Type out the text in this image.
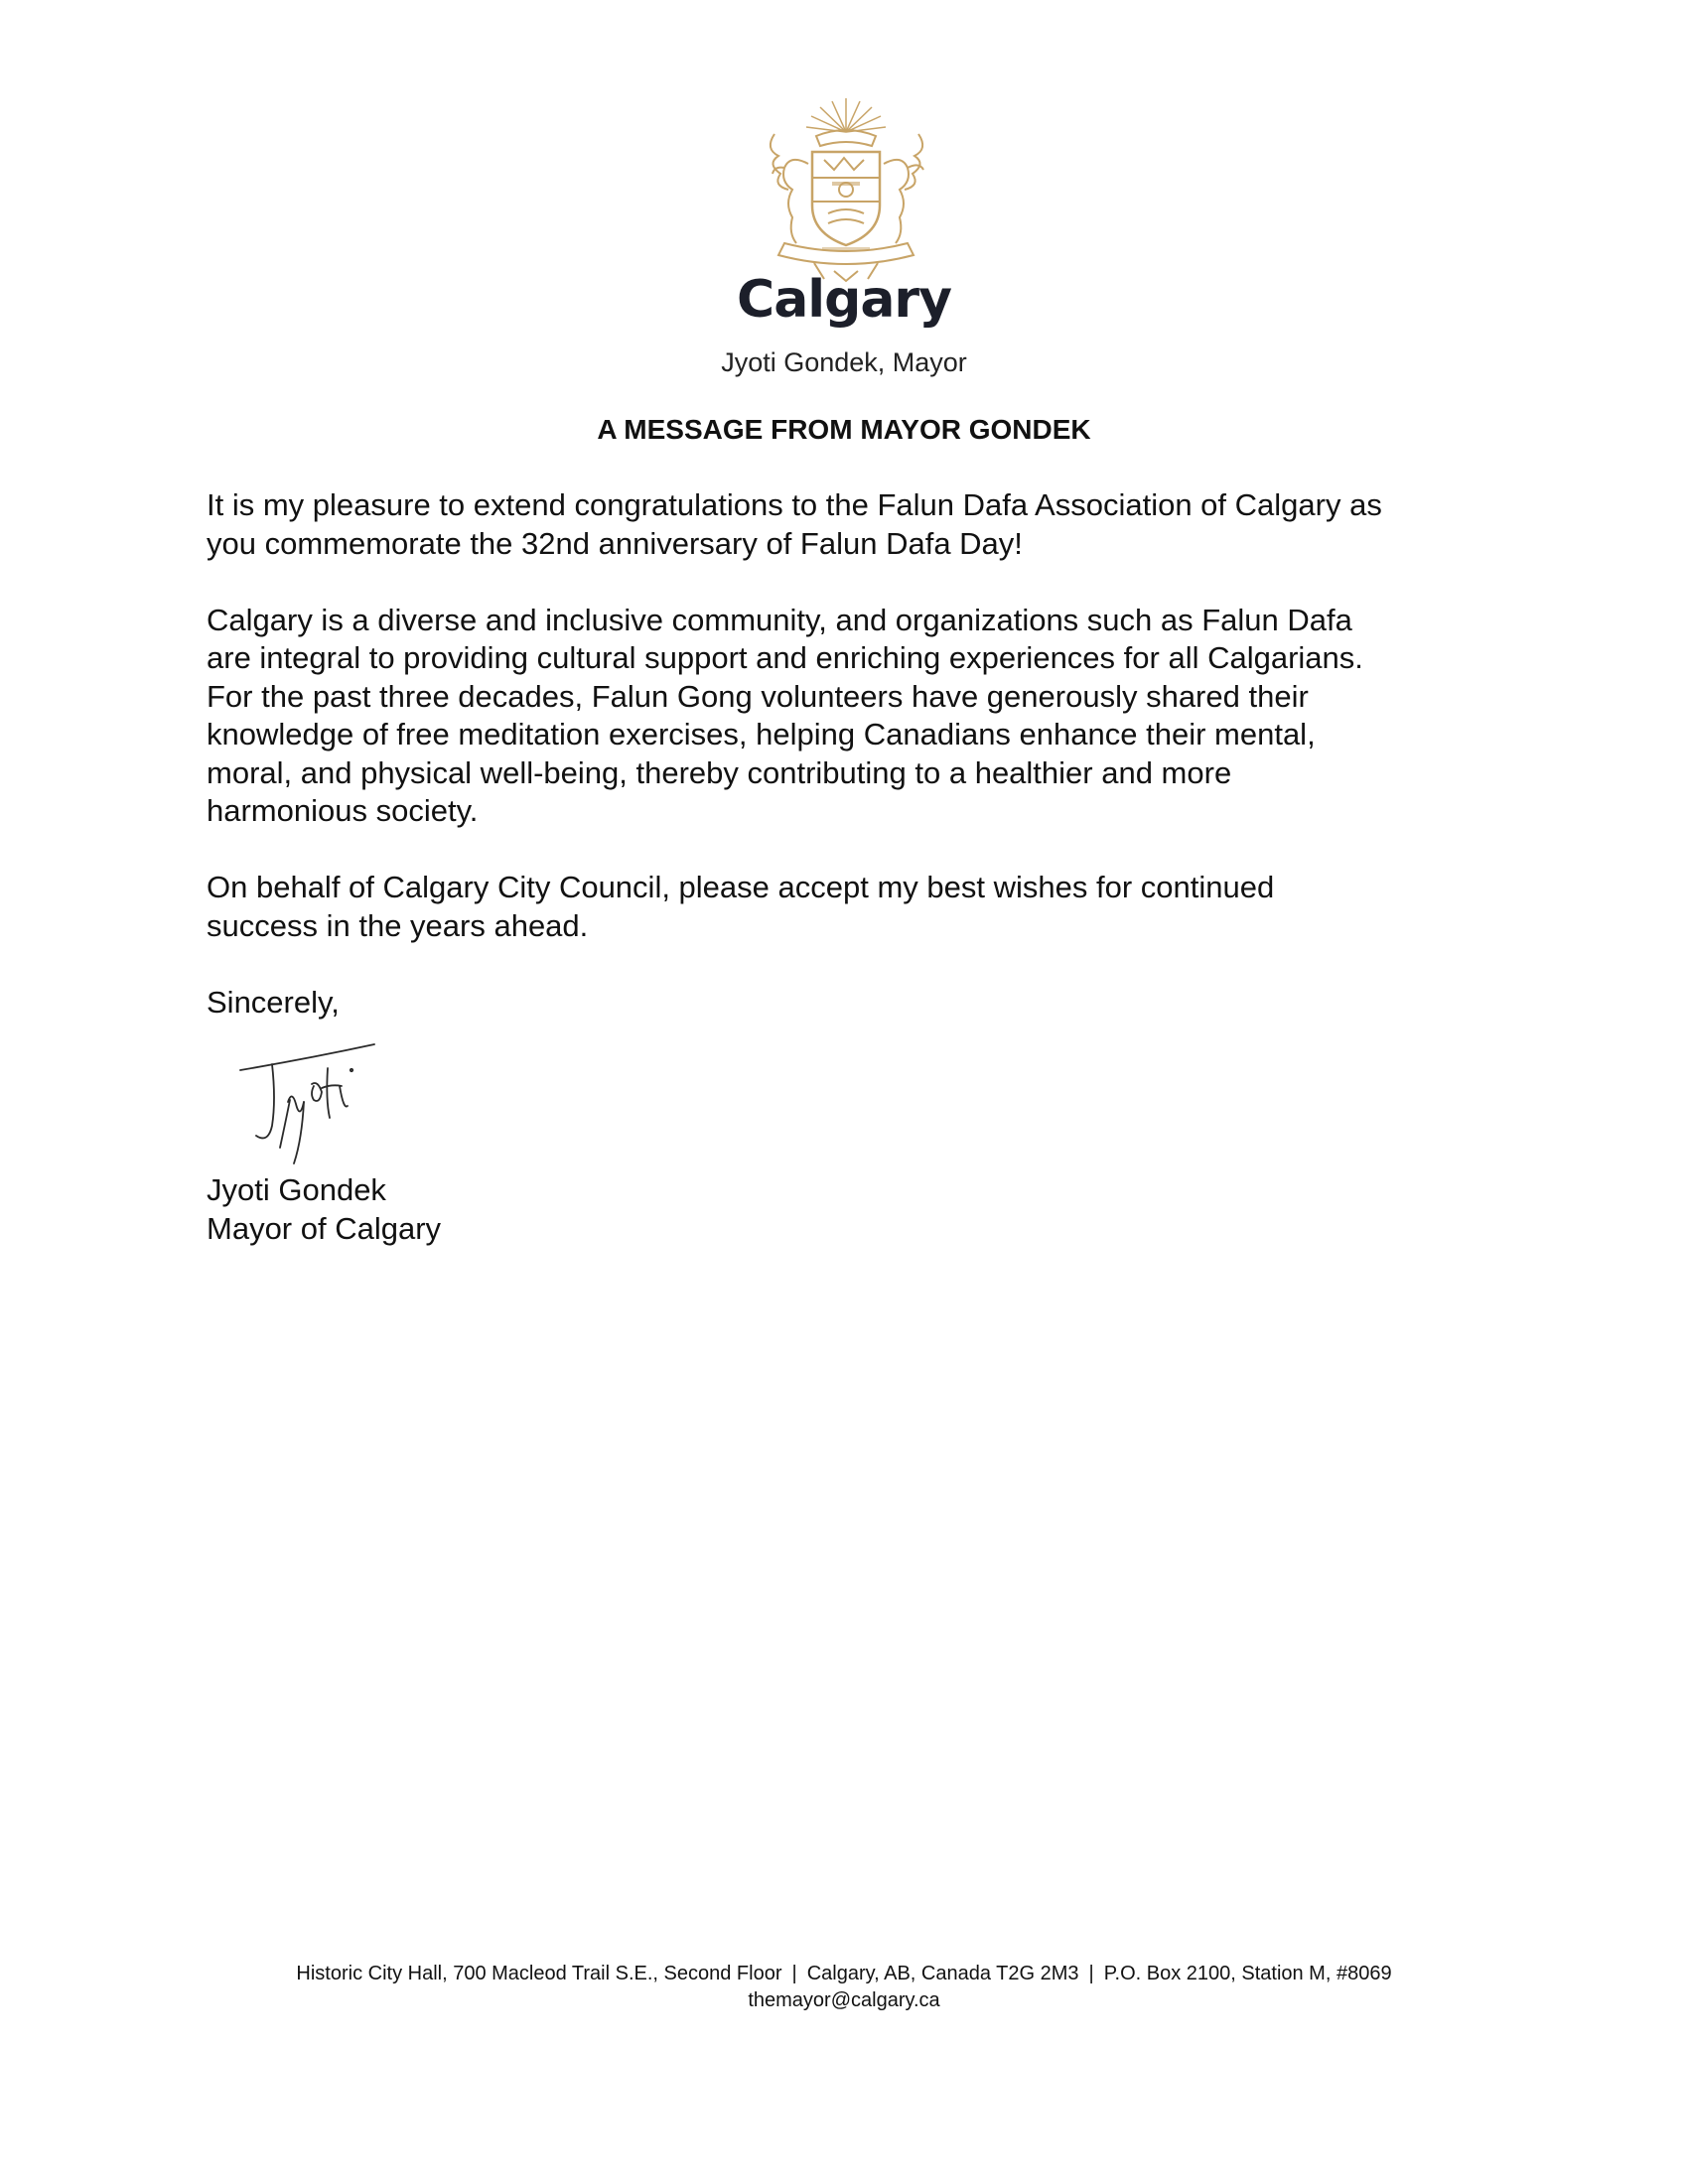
Calgary
Jyoti Gondek, Mayor
A MESSAGE FROM MAYOR GONDEK

It is my pleasure to extend congratulations to the Falun Dafa Association of Calgary as
you commemorate the 32nd anniversary of Falun Dafa Day!

Calgary is a diverse and inclusive community, and organizations such as Falun Dafa
are integral to providing cultural support and enriching experiences for all Calgarians.
For the past three decades, Falun Gong volunteers have generously shared their
knowledge of free meditation exercises, helping Canadians enhance their mental,
moral, and physical well-being, thereby contributing to a healthier and more
harmonious society.

On behalf of Calgary City Council, please accept my best wishes for continued
success in the years ahead.

Sincerely,

Jyoti Gondek
Mayor of Calgary
Historic City Hall, 700 Macleod Trail S.E., Second Floor | Calgary, AB, Canada T2G 2M3 | P.O. Box 2100, Station M, #8069
themayor@calgary.ca
